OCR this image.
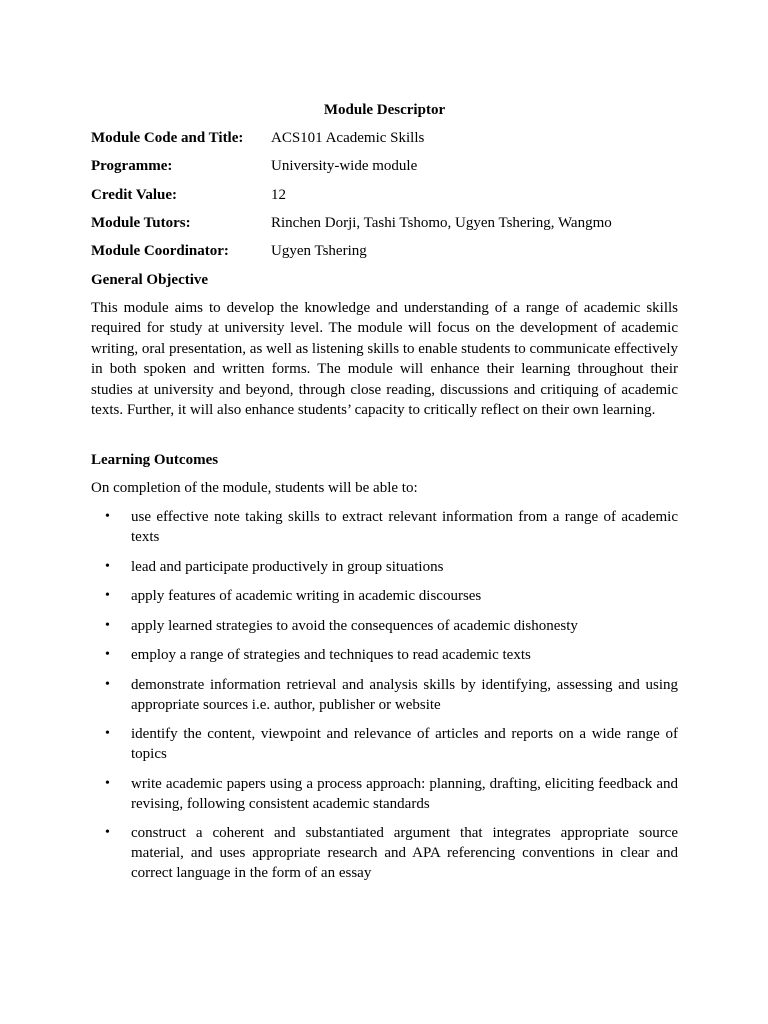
Module Descriptor
Module Code and Title:	ACS101 Academic Skills
Programme:	University-wide module
Credit Value:	12
Module Tutors:	Rinchen Dorji, Tashi Tshomo, Ugyen Tshering, Wangmo
Module Coordinator:	Ugyen Tshering
General Objective

This module aims to develop the knowledge and understanding of a range of academic skills required for study at university level. The module will focus on the development of academic writing, oral presentation, as well as listening skills to enable students to communicate effectively in both spoken and written forms. The module will enhance their learning throughout their studies at university and beyond, through close reading, discussions and critiquing of academic texts. Further, it will also enhance students’ capacity to critically reflect on their own learning.

Learning Outcomes
On completion of the module, students will be able to:
• use effective note taking skills to extract relevant information from a range of academic texts
• lead and participate productively in group situations
• apply features of academic writing in academic discourses
• apply learned strategies to avoid the consequences of academic dishonesty
• employ a range of strategies and techniques to read academic texts
• demonstrate information retrieval and analysis skills by identifying, assessing and using appropriate sources i.e. author, publisher or website
• identify the content, viewpoint and relevance of articles and reports on a wide range of topics
• write academic papers using a process approach: planning, drafting, eliciting feedback and revising, following consistent academic standards
• construct a coherent and substantiated argument that integrates appropriate source material, and uses appropriate research and APA referencing conventions in clear and correct language in the form of an essay
